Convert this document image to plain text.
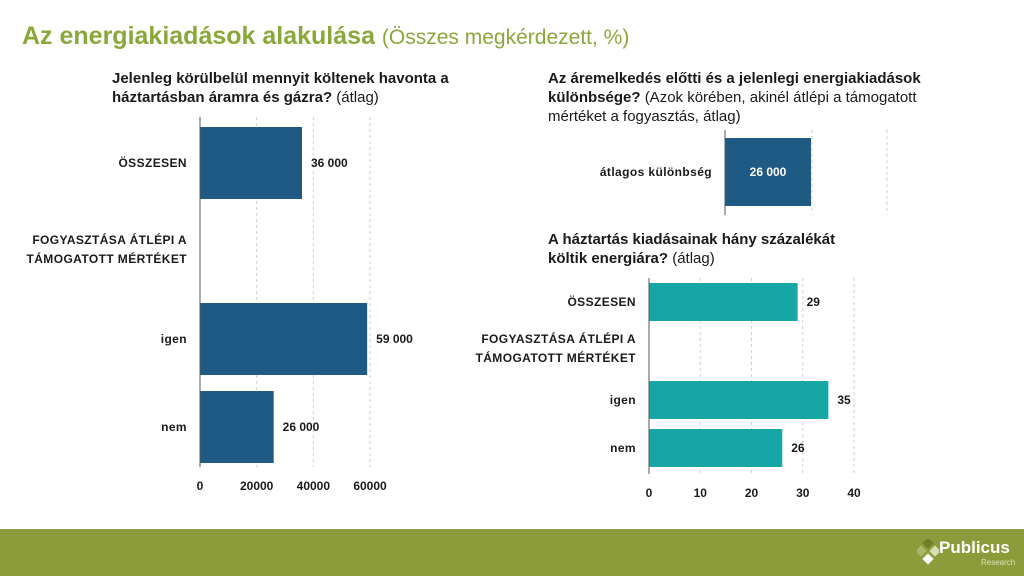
Az energiakiadások alakulása (Összes megkérdezett, %)
Jelenleg körülbelül mennyit költenek havonta a háztartásban áramra és gázra? (átlag)
Az áremelkedés előtti és a jelenlegi energiakiadások különbsége? (Azok körében, akinél átlépi a támogatott mértéket a fogyasztás, átlag)
A háztartás kiadásainak hány százalékát költik energiára? (átlag)
36 000
ÖSSZESEN
FOGYASZTÁSA ÁTLÉPI A TÁMOGATOTT MÉRTÉKET
59 000
igen
26 000
nem
0	20000 40000 60000
26 000
átlagos különbség
29
ÖSSZESEN
FOGYASZTÁSA ÁTLÉPI A TÁMOGATOTT MÉRTÉKET
35
igen
26
nem
0	10	20	30	40
Publicus
Research
